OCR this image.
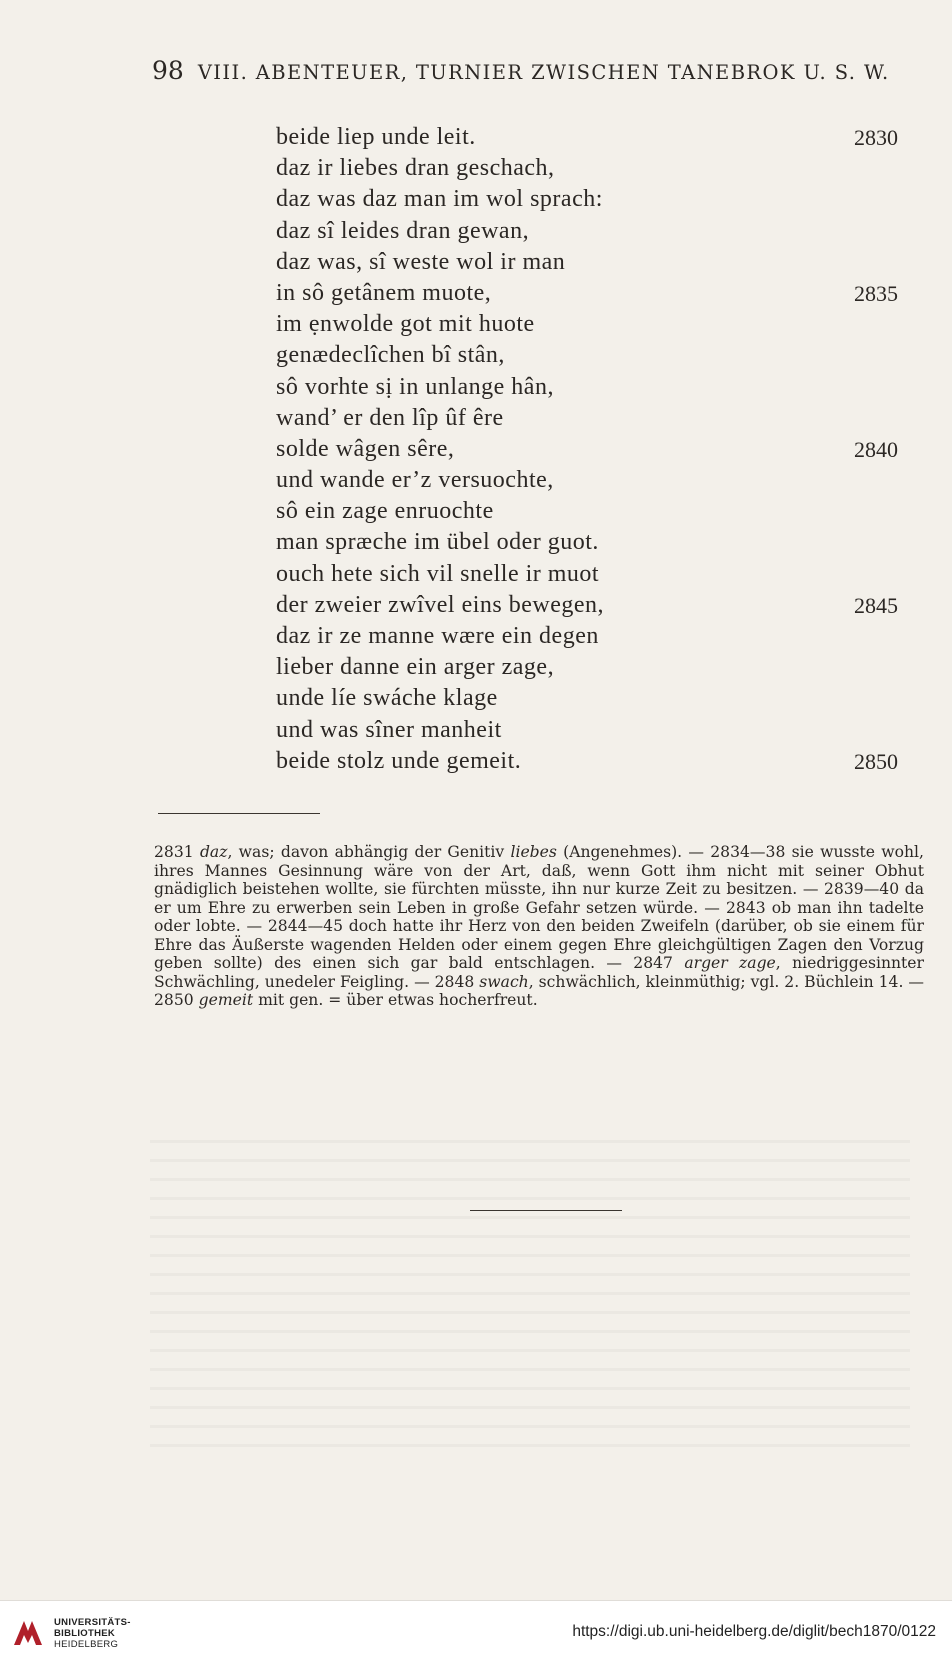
98 VIII. ABENTEUER, TURNIER ZWISCHEN TANEBROK U. S. W.
beide liep unde leit.	2830
daz ir liebes dran geschach,
daz was daz man im wol sprach:
daz sî leides dran gewan,
daz was, sî weste wol ir man
in sô getânem muote,	2835
im ẹnwolde got mit huote
genædeclîchen bî stân,
sô vorhte sị in unlange hân,
wand’ er den lîp ûf êre
solde wâgen sêre,	2840
und wande er’z versuochte,
sô ein zage enruochte
man spræche im übel oder guot.
ouch hete sich vil snelle ir muot
der zweier zwîvel eins bewegen,	2845
daz ir ze manne wære ein degen
lieber danne ein arger zage,
unde líe swáche klage
und was sîner manheit
beide stolz unde gemeit.	2850
2831 daz, was; davon abhängig der Genitiv liebes (Angenehmes). — 2834—38 sie wusste wohl, ihres Mannes Gesinnung wäre von der Art, daß, wenn Gott ihm nicht mit seiner Obhut gnädiglich beistehen wollte, sie fürchten müsste, ihn nur kurze Zeit zu besitzen. — 2839—40 da er um Ehre zu erwerben sein Leben in große Gefahr setzen würde. — 2843 ob man ihn tadelte oder lobte. — 2844—45 doch hatte ihr Herz von den beiden Zweifeln (darüber, ob sie einem für Ehre das Äußerste wagenden Helden oder einem gegen Ehre gleichgültigen Zagen den Vorzug geben sollte) des einen sich gar bald entschlagen. — 2847 arger zage, niedriggesinnter Schwächling, unedeler Feigling. — 2848 swach, schwächlich, kleinmüthig; vgl. 2. Büchlein 14. — 2850 gemeit mit gen. = über etwas hocherfreut.
UNIVERSITÄTS-
BIBLIOTHEK
HEIDELBERG
https://digi.ub.uni-heidelberg.de/diglit/bech1870/0122
